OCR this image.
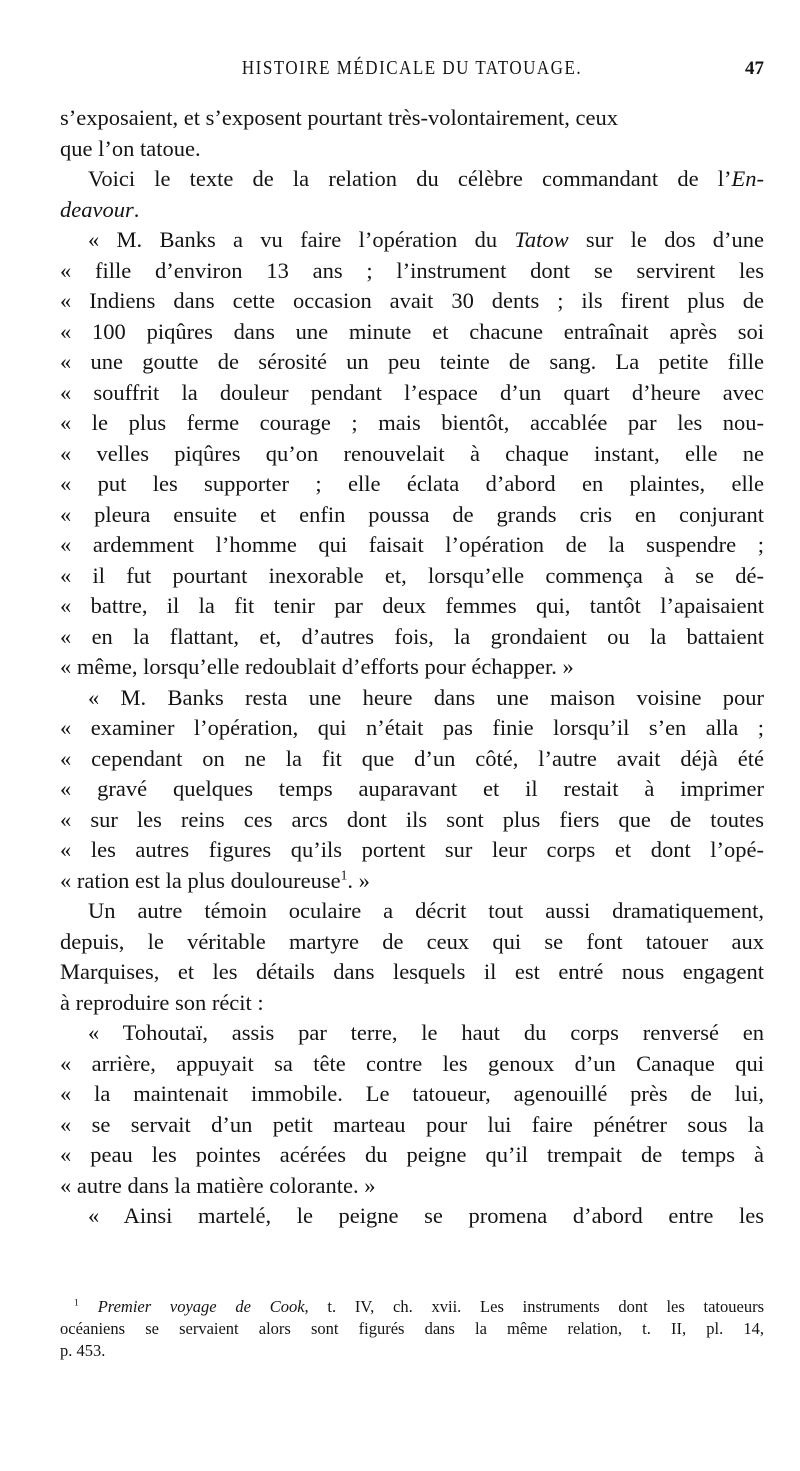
HISTOIRE MÉDICALE DU TATOUAGE.	47
s’exposaient, et s’exposent pourtant très-volontairement, ceux
que l’on tatoue.
Voici le texte de la relation du célèbre commandant de l’En-
deavour.
« M. Banks a vu faire l’opération du Tatow sur le dos d’une
« fille d’environ 13 ans ; l’instrument dont se servirent les
« Indiens dans cette occasion avait 30 dents ; ils firent plus de
« 100 piqûres dans une minute et chacune entraînait après soi
« une goutte de sérosité un peu teinte de sang. La petite fille
« souffrit la douleur pendant l’espace d’un quart d’heure avec
« le plus ferme courage ; mais bientôt, accablée par les nou-
« velles piqûres qu’on renouvelait à chaque instant, elle ne
« put les supporter ; elle éclata d’abord en plaintes, elle
« pleura ensuite et enfin poussa de grands cris en conjurant
« ardemment l’homme qui faisait l’opération de la suspendre ;
« il fut pourtant inexorable et, lorsqu’elle commença à se dé-
« battre, il la fit tenir par deux femmes qui, tantôt l’apaisaient
« en la flattant, et, d’autres fois, la grondaient ou la battaient
« même, lorsqu’elle redoublait d’efforts pour échapper. »
« M. Banks resta une heure dans une maison voisine pour
« examiner l’opération, qui n’était pas finie lorsqu’il s’en alla ;
« cependant on ne la fit que d’un côté, l’autre avait déjà été
« gravé quelques temps auparavant et il restait à imprimer
« sur les reins ces arcs dont ils sont plus fiers que de toutes
« les autres figures qu’ils portent sur leur corps et dont l’opé-
« ration est la plus douloureuse$^1$. »
Un autre témoin oculaire a décrit tout aussi dramatiquement,
depuis, le véritable martyre de ceux qui se font tatouer aux
Marquises, et les détails dans lesquels il est entré nous engagent
à reproduire son récit :
« Tohoutaï, assis par terre, le haut du corps renversé en
« arrière, appuyait sa tête contre les genoux d’un Canaque qui
« la maintenait immobile. Le tatoueur, agenouillé près de lui,
« se servait d’un petit marteau pour lui faire pénétrer sous la
« peau les pointes acérées du peigne qu’il trempait de temps à
« autre dans la matière colorante. »
« Ainsi martelé, le peigne se promena d’abord entre les
$^1$ Premier voyage de Cook, t. IV, ch. xvii. Les instruments dont les tatoueurs
océaniens se servaient alors sont figurés dans la même relation, t. II, pl. 14,
p. 453.
